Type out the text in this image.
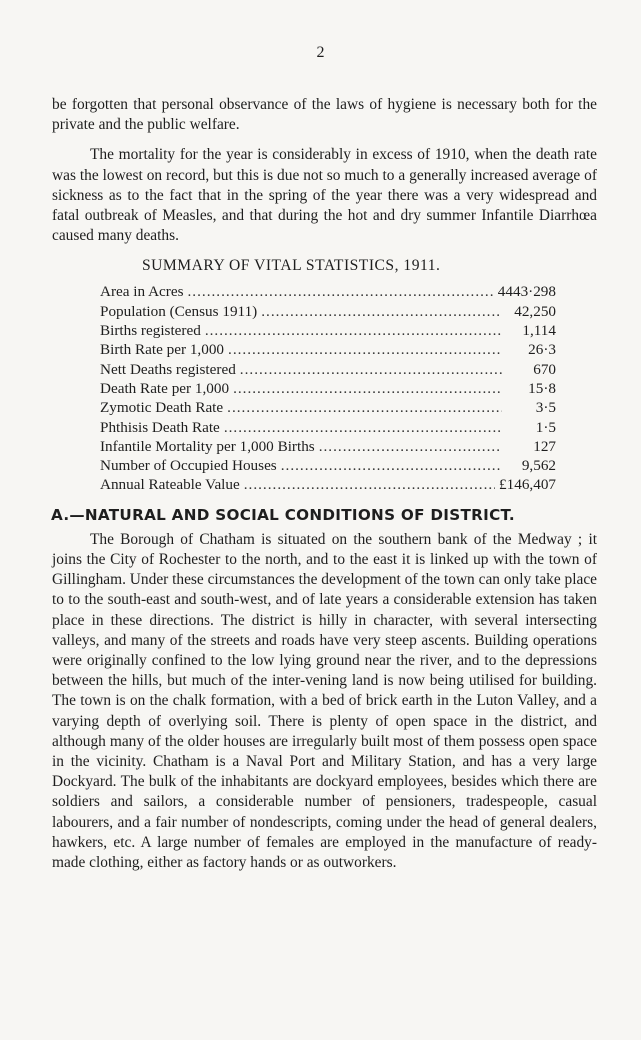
2

be forgotten that personal observance of the laws of hygiene is necessary both for the private and the public welfare.

The mortality for the year is considerably in excess of 1910, when the death rate was the lowest on record, but this is due not so much to a generally increased average of sickness as to the fact that in the spring of the year there was a very widespread and fatal outbreak of Measles, and that during the hot and dry summer Infantile Diarrhœa caused many deaths.

SUMMARY OF VITAL STATISTICS, 1911.
Area in Acres .....	4443·298
Population (Census 1911) .....	42,250
Births registered .....	1,114
Birth Rate per 1,000 .....	26·3
Nett Deaths registered .....	670
Death Rate per 1,000 .....	15·8
Zymotic Death Rate .....	3·5
Phthisis Death Rate .....	1·5
Infantile Mortality per 1,000 Births .....	127
Number of Occupied Houses .....	9,562
Annual Rateable Value .....	£146,407
A.—NATURAL AND SOCIAL CONDITIONS OF DISTRICT.

The Borough of Chatham is situated on the southern bank of the Medway ; it joins the City of Rochester to the north, and to the east it is linked up with the town of Gillingham. Under these circumstances the development of the town can only take place to to the south-east and south-west, and of late years a considerable extension has taken place in these directions. The district is hilly in character, with several intersecting valleys, and many of the streets and roads have very steep ascents. Building operations were originally confined to the low lying ground near the river, and to the depressions between the hills, but much of the inter-vening land is now being utilised for building. The town is on the chalk formation, with a bed of brick earth in the Luton Valley, and a varying depth of overlying soil. There is plenty of open space in the district, and although many of the older houses are irregularly built most of them possess open space in the vicinity. Chatham is a Naval Port and Military Station, and has a very large Dockyard. The bulk of the inhabitants are dockyard employees, besides which there are soldiers and sailors, a considerable number of pensioners, tradespeople, casual labourers, and a fair number of nondescripts, coming under the head of general dealers, hawkers, etc. A large number of females are employed in the manufacture of ready-made clothing, either as factory hands or as outworkers.
